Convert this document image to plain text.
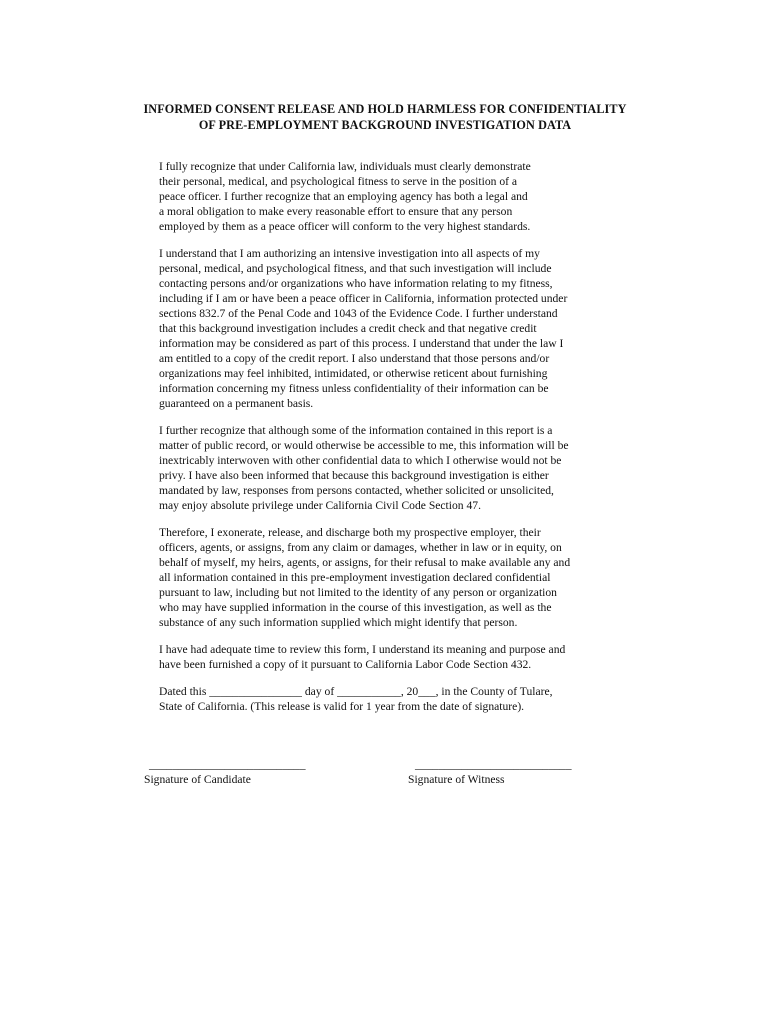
INFORMED CONSENT RELEASE AND HOLD HARMLESS FOR CONFIDENTIALITY
OF PRE-EMPLOYMENT BACKGROUND INVESTIGATION DATA
I fully recognize that under California law, individuals must clearly demonstrate
their personal, medical, and psychological fitness to serve in the position of a
peace officer. I further recognize that an employing agency has both a legal and
a moral obligation to make every reasonable effort to ensure that any person
employed by them as a peace officer will conform to the very highest standards.
I understand that I am authorizing an intensive investigation into all aspects of my
personal, medical, and psychological fitness, and that such investigation will include
contacting persons and/or organizations who have information relating to my fitness,
including if I am or have been a peace officer in California, information protected under
sections 832.7 of the Penal Code and 1043 of the Evidence Code. I further understand
that this background investigation includes a credit check and that negative credit
information may be considered as part of this process. I understand that under the law I
am entitled to a copy of the credit report. I also understand that those persons and/or
organizations may feel inhibited, intimidated, or otherwise reticent about furnishing
information concerning my fitness unless confidentiality of their information can be
guaranteed on a permanent basis.
I further recognize that although some of the information contained in this report is a
matter of public record, or would otherwise be accessible to me, this information will be
inextricably interwoven with other confidential data to which I otherwise would not be
privy. I have also been informed that because this background investigation is either
mandated by law, responses from persons contacted, whether solicited or unsolicited,
may enjoy absolute privilege under California Civil Code Section 47.
Therefore, I exonerate, release, and discharge both my prospective employer, their
officers, agents, or assigns, from any claim or damages, whether in law or in equity, on
behalf of myself, my heirs, agents, or assigns, for their refusal to make available any and
all information contained in this pre-employment investigation declared confidential
pursuant to law, including but not limited to the identity of any person or organization
who may have supplied information in the course of this investigation, as well as the
substance of any such information supplied which might identify that person.
I have had adequate time to review this form, I understand its meaning and purpose and
have been furnished a copy of it pursuant to California Labor Code Section 432.
Dated this ________________ day of ___________, 20___, in the County of Tulare,
State of California. (This release is valid for 1 year from the date of signature).
___________________________
Signature of Candidate
___________________________
Signature of Witness
